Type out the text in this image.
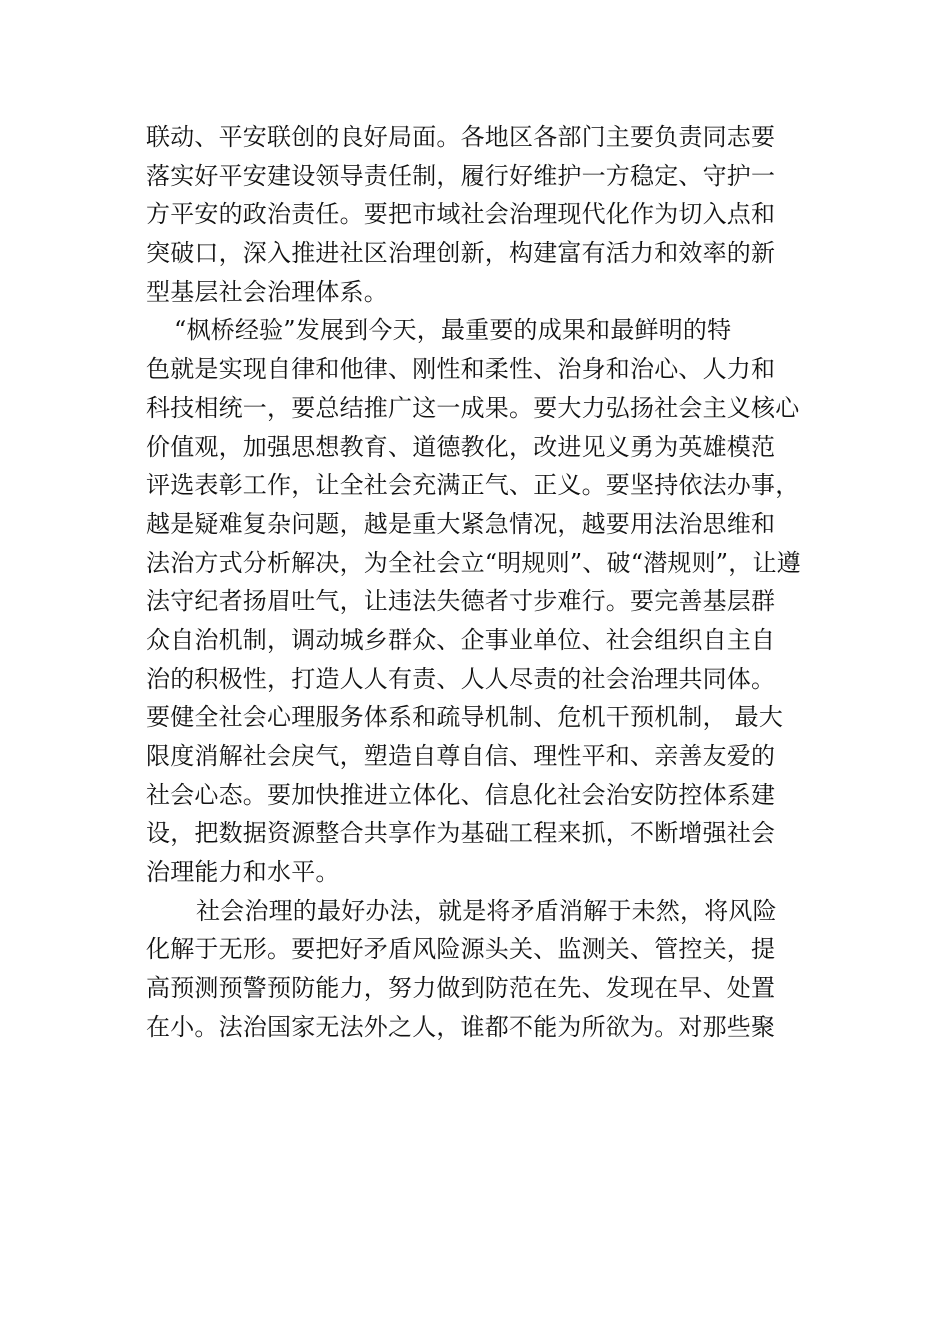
联动、平安联创的良好局面。各地区各部门主要负责同志要
落实好平安建设领导责任制，履行好维护一方稳定、守护一
方平安的政治责任。要把市域社会治理现代化作为切入点和
突破口，深入推进社区治理创新，构建富有活力和效率的新
型基层社会治理体系。
“枫桥经验”发展到今天，最重要的成果和最鲜明的特
色就是实现自律和他律、刚性和柔性、治身和治心、人力和
科技相统一，要总结推广这一成果。要大力弘扬社会主义核心
价值观，加强思想教育、道德教化，改进见义勇为英雄模范
评选表彰工作，让全社会充满正气、正义。要坚持依法办事，
越是疑难复杂问题，越是重大紧急情况，越要用法治思维和
法治方式分析解决，为全社会立“明规则”、破“潜规则”，让遵
法守纪者扬眉吐气，让违法失德者寸步难行。要完善基层群
众自治机制，调动城乡群众、企事业单位、社会组织自主自
治的积极性，打造人人有责、人人尽责的社会治理共同体。
要健全社会心理服务体系和疏导机制、危机干预机制， 最大
限度消解社会戾气，塑造自尊自信、理性平和、亲善友爱的
社会心态。要加快推进立体化、信息化社会治安防控体系建
设，把数据资源整合共享作为基础工程来抓，不断增强社会
治理能力和水平。
社会治理的最好办法，就是将矛盾消解于未然，将风险
化解于无形。要把好矛盾风险源头关、监测关、管控关，提
高预测预警预防能力，努力做到防范在先、发现在早、处置
在小。法治国家无法外之人，谁都不能为所欲为。对那些聚
